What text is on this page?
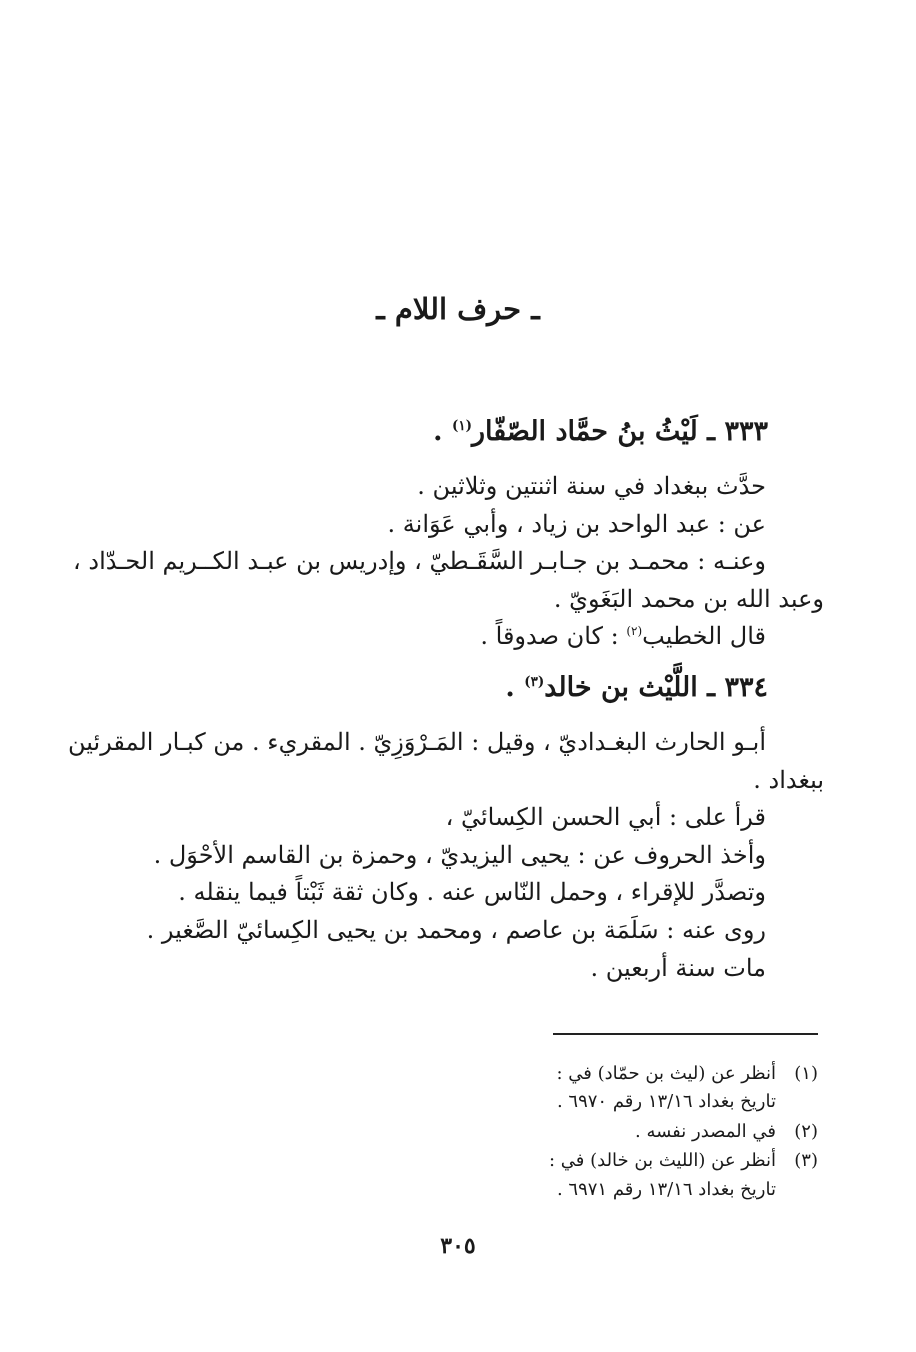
ـ حرف اللام ـ
٣٣٣ ـ لَيْثُ بنُ حمَّاد الصّفّار$^{(١)}$ .
حدَّث ببغداد في سنة اثنتين وثلاثين .
عن : عبد الواحد بن زياد ، وأبي عَوَانة .
وعنـه : محمـد بن جـابـر السَّقَـطيّ ، وإدريس بن عبـد الكــريم الحـدّاد ،
وعبد الله بن محمد البَغَويّ .
قال الخطيب$^{(٢)}$ : كان صدوقاً .
٣٣٤ ـ اللَّيْث بن خالد$^{(٣)}$ .
أبـو الحارث البغـداديّ ، وقيل : المَـرْوَزِيّ . المقريء . من كبـار المقرئين
ببغداد .
قرأ على : أبي الحسن الكِسائيّ ،
وأخذ الحروف عن : يحيى اليزيديّ ، وحمزة بن القاسم الأحْوَل .
وتصدَّر للإقراء ، وحمل النّاس عنه . وكان ثقة ثَبْتاً فيما ينقله .
روى عنه : سَلَمَة بن عاصم ، ومحمد بن يحيى الكِسائيّ الصَّغير .
مات سنة أربعين .
(١)
أنظر عن (ليث بن حمّاد) في :
تاريخ بغداد ١٣/١٦ رقم ٦٩٧٠ .
(٢)
في المصدر نفسه .
(٣)
أنظر عن (الليث بن خالد) في :
تاريخ بغداد ١٣/١٦ رقم ٦٩٧١ .
٣٠٥
